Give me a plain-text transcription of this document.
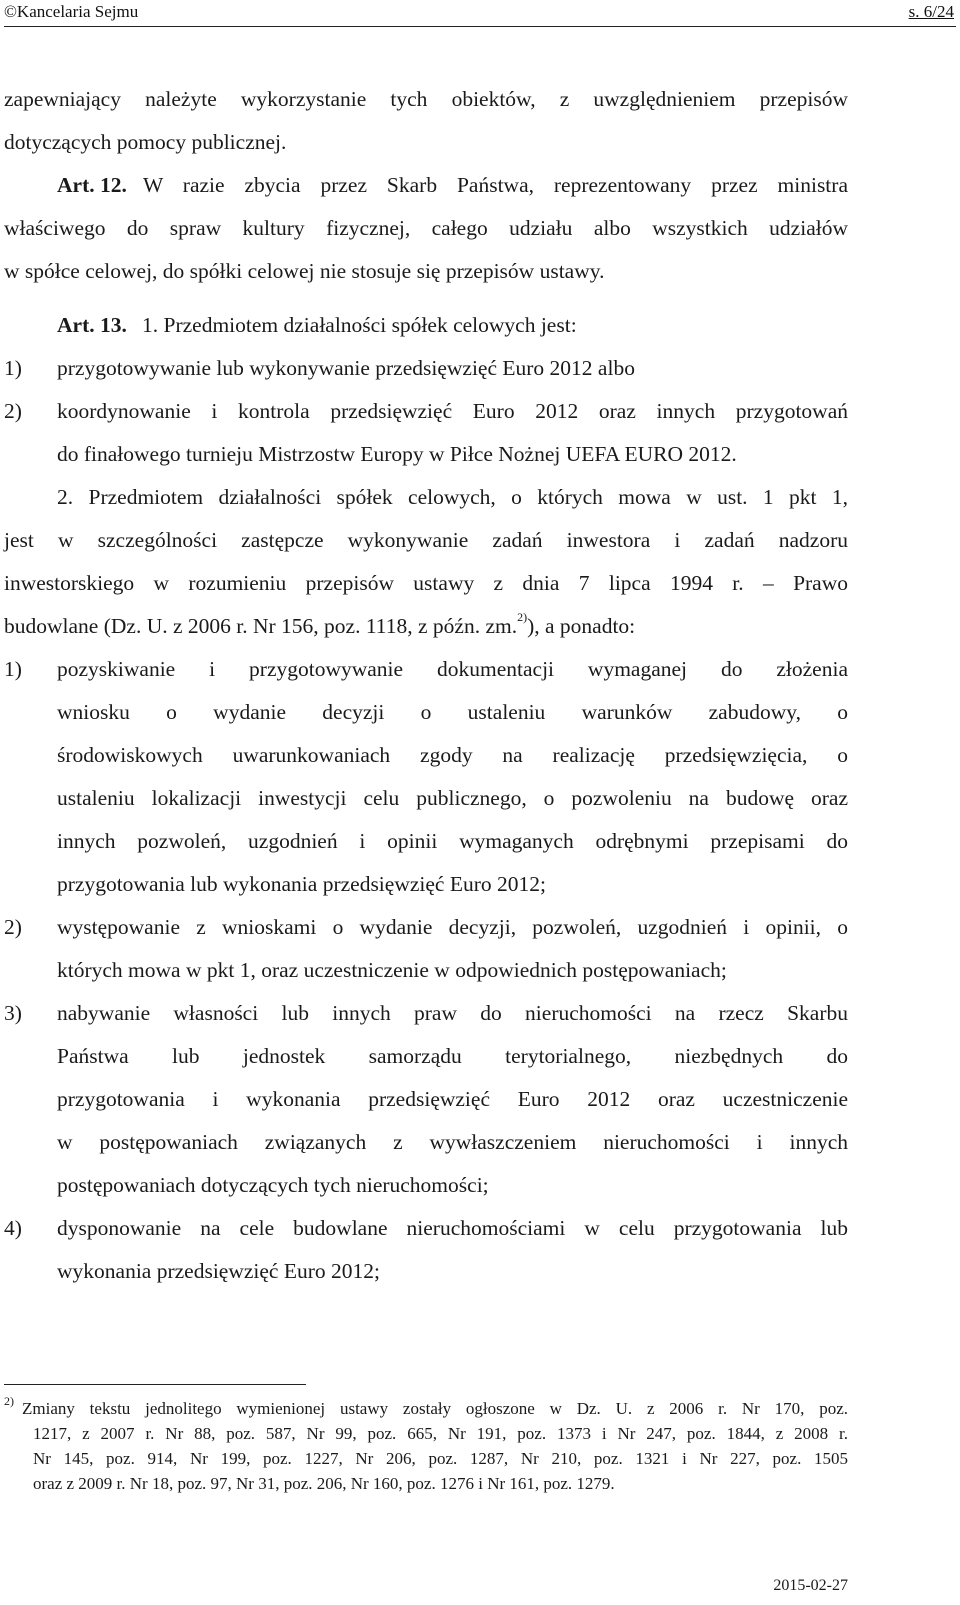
©Kancelaria Sejmu	s. 6/24
zapewniający należyte wykorzystanie tych obiektów, z uwzględnieniem przepisów
dotyczących pomocy publicznej.
Art. 12. W razie zbycia przez Skarb Państwa, reprezentowany przez ministra
właściwego do spraw kultury fizycznej, całego udziału albo wszystkich udziałów
w spółce celowej, do spółki celowej nie stosuje się przepisów ustawy.
Art. 13. 1. Przedmiotem działalności spółek celowych jest:
1) przygotowywanie lub wykonywanie przedsięwzięć Euro 2012 albo
2) koordynowanie i kontrola przedsięwzięć Euro 2012 oraz innych przygotowań
do finałowego turnieju Mistrzostw Europy w Piłce Nożnej UEFA EURO 2012.
2. Przedmiotem działalności spółek celowych, o których mowa w ust. 1 pkt 1,
jest w szczególności zastępcze wykonywanie zadań inwestora i zadań nadzoru
inwestorskiego w rozumieniu przepisów ustawy z dnia 7 lipca 1994 r. – Prawo
budowlane (Dz. U. z 2006 r. Nr 156, poz. 1118, z późn. zm.$^{2)}$), a ponadto:
1) pozyskiwanie i przygotowywanie dokumentacji wymaganej do złożenia
wniosku o wydanie decyzji o ustaleniu warunków zabudowy, o
środowiskowych uwarunkowaniach zgody na realizację przedsięwzięcia, o
ustaleniu lokalizacji inwestycji celu publicznego, o pozwoleniu na budowę oraz
innych pozwoleń, uzgodnień i opinii wymaganych odrębnymi przepisami do
przygotowania lub wykonania przedsięwzięć Euro 2012;
2) występowanie z wnioskami o wydanie decyzji, pozwoleń, uzgodnień i opinii, o
których mowa w pkt 1, oraz uczestniczenie w odpowiednich postępowaniach;
3) nabywanie własności lub innych praw do nieruchomości na rzecz Skarbu
Państwa lub jednostek samorządu terytorialnego, niezbędnych do
przygotowania i wykonania przedsięwzięć Euro 2012 oraz uczestniczenie
w postępowaniach związanych z wywłaszczeniem nieruchomości i innych
postępowaniach dotyczących tych nieruchomości;
4) dysponowanie na cele budowlane nieruchomościami w celu przygotowania lub
wykonania przedsięwzięć Euro 2012;
2) Zmiany tekstu jednolitego wymienionej ustawy zostały ogłoszone w Dz. U. z 2006 r. Nr 170, poz.
1217, z 2007 r. Nr 88, poz. 587, Nr 99, poz. 665, Nr 191, poz. 1373 i Nr 247, poz. 1844, z 2008 r.
Nr 145, poz. 914, Nr 199, poz. 1227, Nr 206, poz. 1287, Nr 210, poz. 1321 i Nr 227, poz. 1505
oraz z 2009 r. Nr 18, poz. 97, Nr 31, poz. 206, Nr 160, poz. 1276 i Nr 161, poz. 1279.
2015-02-27
